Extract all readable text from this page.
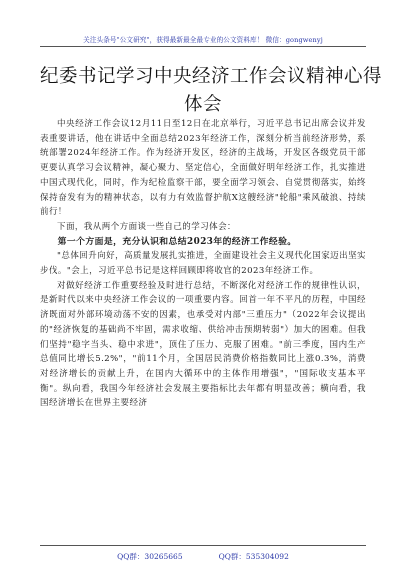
关注头条号"公文研究"，获得最新最全最专业的公文资料库！ 微信：gongwenyj
纪委书记学习中央经济工作会议精神心得
体会

中央经济工作会议12月11日至12日在北京举行，习近平总书记出席会议并发表重要讲话，他在讲话中全面总结2023年经济工作，深刻分析当前经济形势，系统部署2024年经济工作。作为经济开发区，经济的主战场，开发区各级党员干部更要认真学习会议精神，凝心聚力、坚定信心，全面做好明年经济工作，扎实推进中国式现代化，同时，作为纪检监察干部，要全面学习领会、自觉贯彻落实，始终保持奋发有为的精神状态，以有力有效监督护航X这艘经济"轮船"乘风破浪、持续前行！

下面，我从两个方面谈一些自己的学习体会：

第一个方面是，充分认识和总结2023年的经济工作经验。

"总体回升向好，高质量发展扎实推进，全面建设社会主义现代化国家迈出坚实步伐。"会上，习近平总书记是这样回顾即将收官的2023年经济工作。

对做好经济工作重要经验及时进行总结，不断深化对经济工作的规律性认识，是新时代以来中央经济工作会议的一项重要内容。回首一年不平凡的历程，中国经济既面对外部环境动荡不安的因素，也承受对内部"三重压力"（2022年会议提出的"经济恢复的基础尚不牢固，需求收缩、供给冲击预期转弱"）加大的困难。但我们坚持"稳字当头、稳中求进"，顶住了压力、克服了困难。"前三季度，国内生产总值同比增长5.2%"，"前11个月，全国居民消费价格指数同比上涨0.3%，消费对经济增长的贡献上升，在国内大循环中的主体作用增强"，"国际收支基本平衡"。纵向看，我国今年经济社会发展主要指标比去年都有明显改善；横向看，我国经济增长在世界主要经济

QQ群：30265665	QQ群：535304092
